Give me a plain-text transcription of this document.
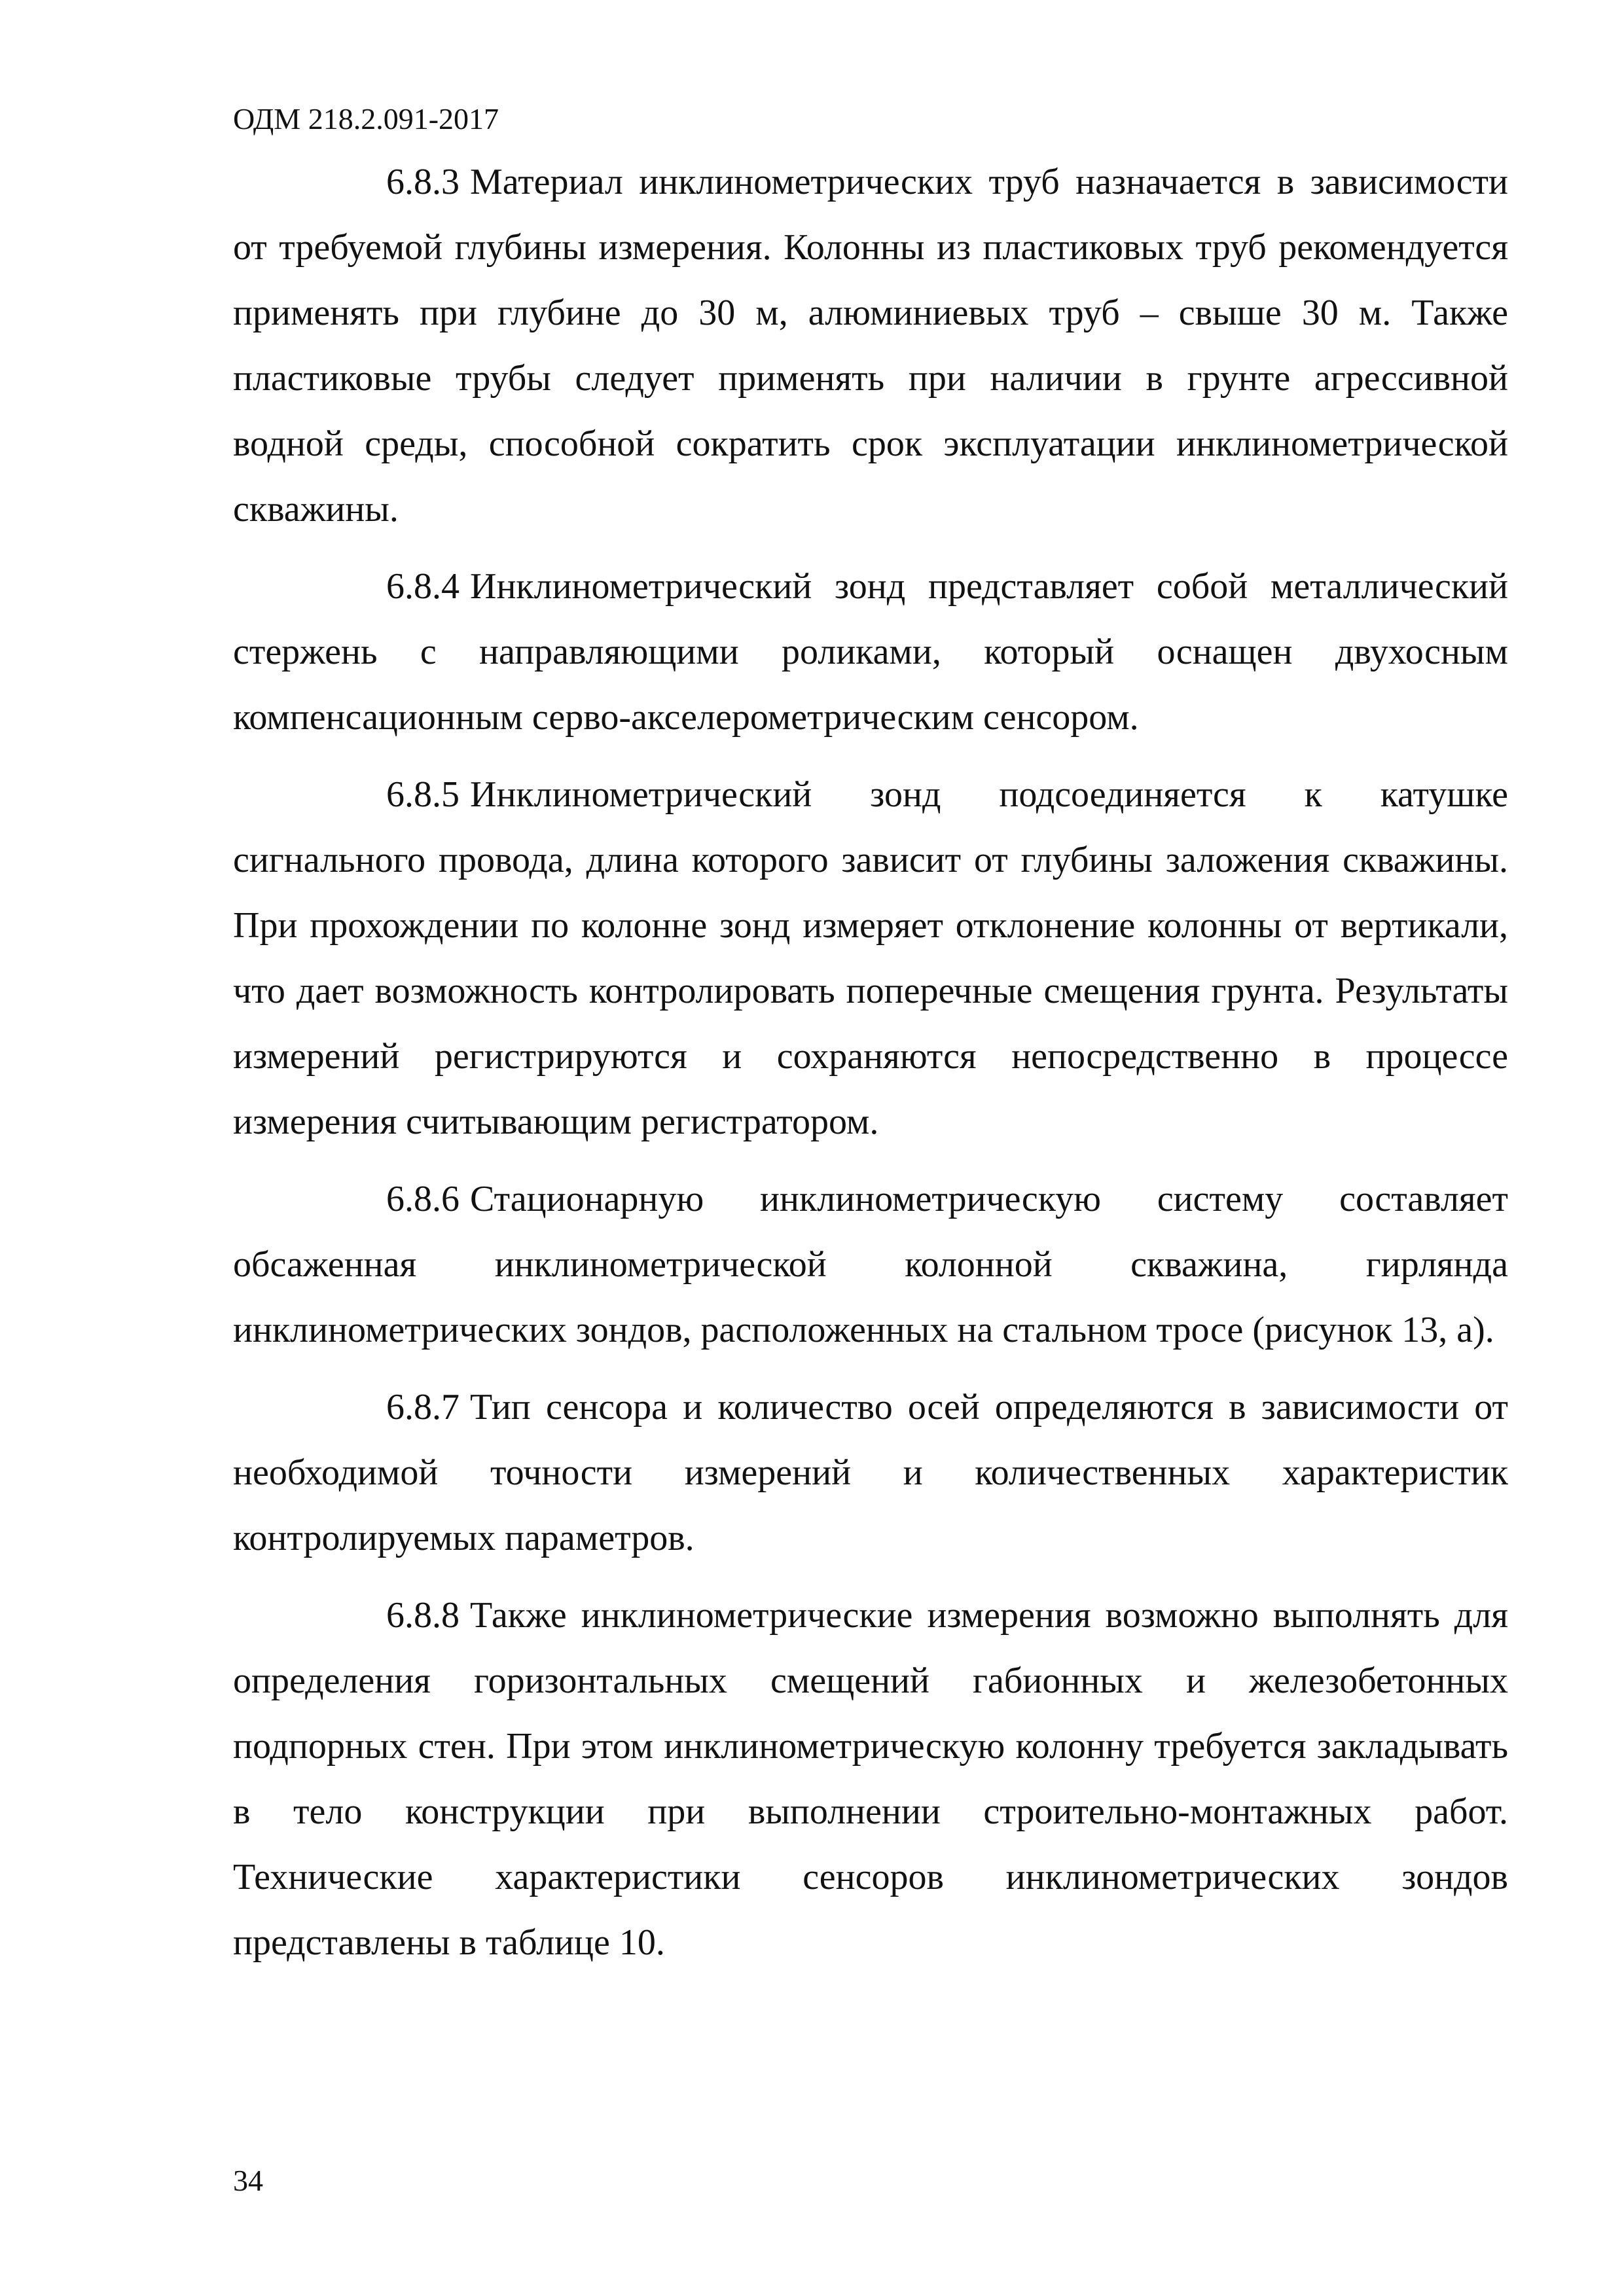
ОДМ 218.2.091-2017

6.8.3 Материал инклинометрических труб назначается в зависимости от требуемой глубины измерения. Колонны из пластиковых труб рекомендуется применять при глубине до 30 м, алюминиевых труб – свыше 30 м. Также пластиковые трубы следует применять при наличии в грунте агрессивной водной среды, способной сократить срок эксплуатации инклинометрической скважины.

6.8.4 Инклинометрический зонд представляет собой металлический стержень с направляющими роликами, который оснащен двухосным компенсационным серво-акселерометрическим сенсором.

6.8.5 Инклинометрический зонд подсоединяется к катушке сигнального провода, длина которого зависит от глубины заложения скважины. При прохождении по колонне зонд измеряет отклонение колонны от вертикали, что дает возможность контролировать поперечные смещения грунта. Результаты измерений регистрируются и сохраняются непосредственно в процессе измерения считывающим регистратором.

6.8.6 Стационарную инклинометрическую систему составляет обсаженная инклинометрической колонной скважина, гирлянда инклинометрических зондов, расположенных на стальном тросе (рисунок 13, а).

6.8.7 Тип сенсора и количество осей определяются в зависимости от необходимой точности измерений и количественных характеристик контролируемых параметров.

6.8.8 Также инклинометрические измерения возможно выполнять для определения горизонтальных смещений габионных и железобетонных подпорных стен. При этом инклинометрическую колонну требуется закладывать в тело конструкции при выполнении строительно-монтажных работ. Технические характеристики сенсоров инклинометрических зондов представлены в таблице 10.

34
